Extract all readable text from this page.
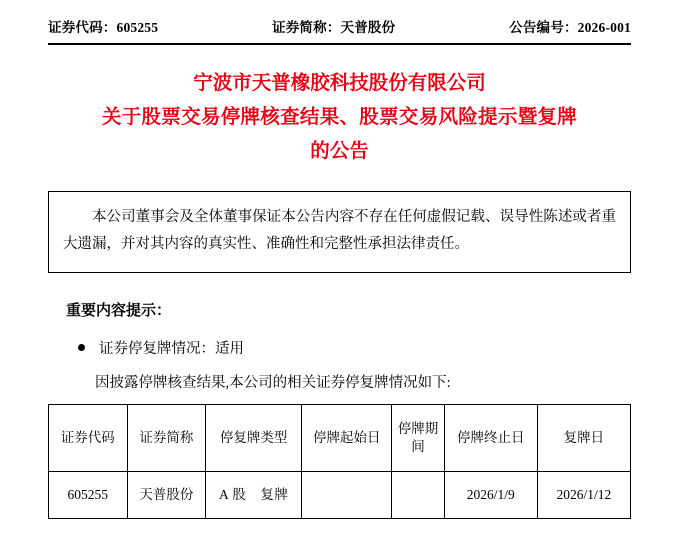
证券代码：605255	证券简称：天普股份	公告编号：2026-001
宁波市天普橡胶科技股份有限公司
关于股票交易停牌核查结果、股票交易风险提示暨复牌
的公告

本公司董事会及全体董事保证本公告内容不存在任何虚假记载、误导性陈述或者重大遗漏，并对其内容的真实性、准确性和完整性承担法律责任。

重要内容提示：
证券停复牌情况：适用
因披露停牌核查结果,本公司的相关证券停复牌情况如下:
证券代码	证券简称	停复牌类型	停牌起始日	停牌期间	停牌终止日	复牌日
605255	天普股份	A 股　复牌			2026/1/9	2026/1/12
